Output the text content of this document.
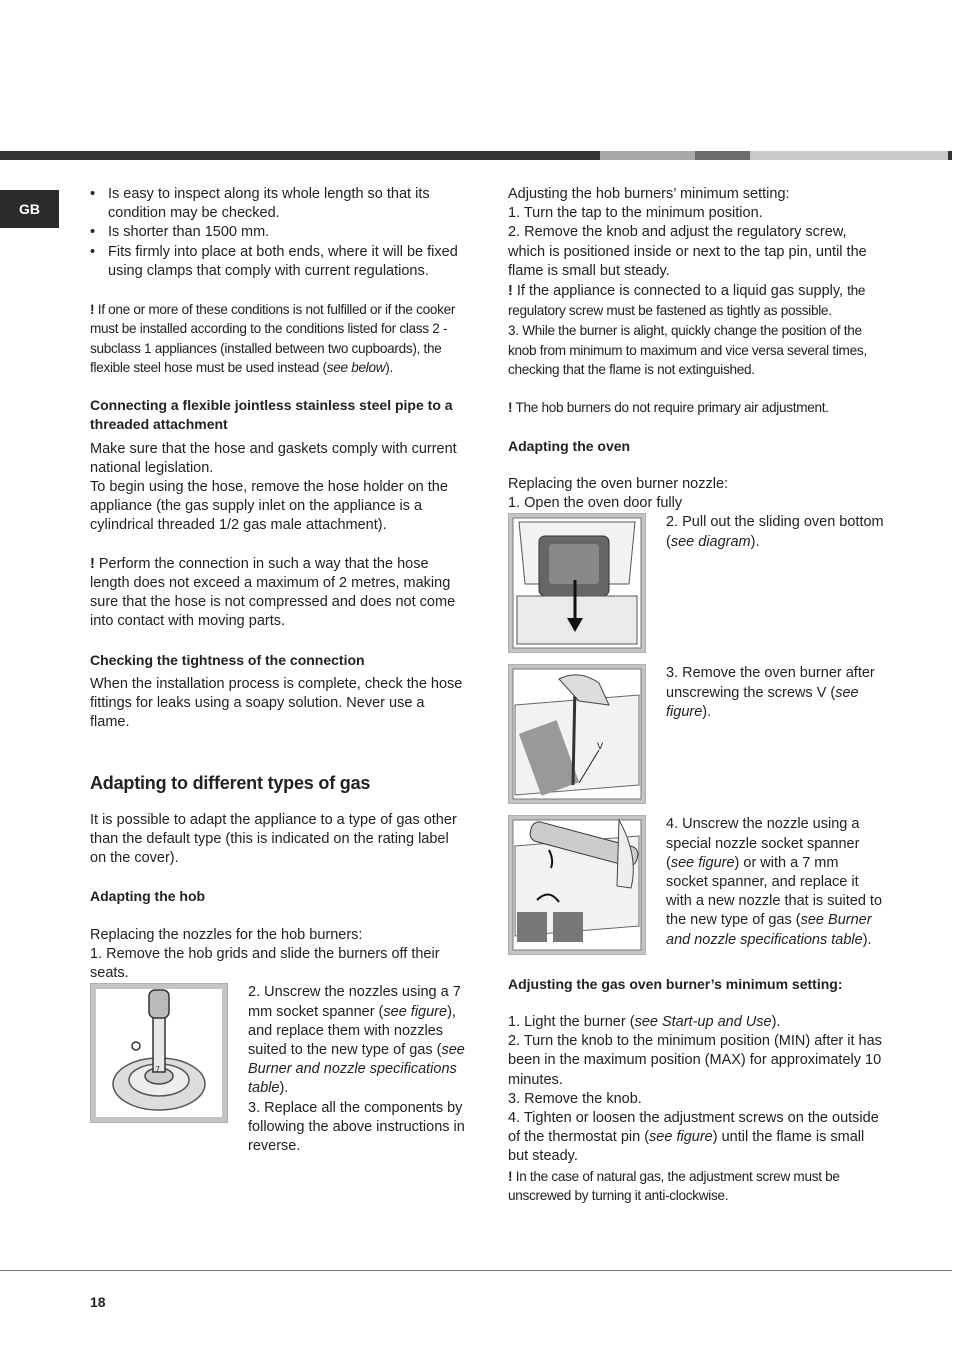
GB
• Is easy to inspect along its whole length so that its condition may be checked.
• Is shorter than 1500 mm.
• Fits firmly into place at both ends, where it will be fixed using clamps that comply with current regulations.

! If one or more of these conditions is not fulfilled or if the cooker must be installed according to the conditions listed for class 2 - subclass 1 appliances (installed between two cupboards), the flexible steel hose must be used instead (see below).

Connecting a flexible jointless stainless steel pipe to a threaded attachment

Make sure that the hose and gaskets comply with current national legislation.

To begin using the hose, remove the hose holder on the appliance (the gas supply inlet on the appliance is a cylindrical threaded 1/2 gas male attachment).

! Perform the connection in such a way that the hose length does not exceed a maximum of 2 metres, making sure that the hose is not compressed and does not come into contact with moving parts.

Checking the tightness of the connection

When the installation process is complete, check the hose fittings for leaks using a soapy solution. Never use a flame.

Adapting to different types of gas

It is possible to adapt the appliance to a type of gas other than the default type (this is indicated on the rating label on the cover).

Adapting the hob

Replacing the nozzles for the hob burners:

1. Remove the hob grids and slide the burners off their seats.

7

2. Unscrew the nozzles using a 7 mm socket spanner (see figure), and replace them with nozzles suited to the new type of gas (see Burner and nozzle specifications table).

3. Replace all the components by following the above instructions in reverse.

Adjusting the hob burners’ minimum setting:

1. Turn the tap to the minimum position.

2. Remove the knob and adjust the regulatory screw, which is positioned inside or next to the tap pin, until the flame is small but steady.

! If the appliance is connected to a liquid gas supply, the regulatory screw must be fastened as tightly as possible.

3. While the burner is alight, quickly change the position of the knob from minimum to maximum and vice versa several times, checking that the flame is not extinguished.

! The hob burners do not require primary air adjustment.

Adapting the oven

Replacing the oven burner nozzle:

1. Open the oven door fully

2. Pull out the sliding oven bottom (see diagram).

V

3. Remove the oven burner after unscrewing the screws V (see figure).

4. Unscrew the nozzle using a special nozzle socket spanner (see figure) or with a 7 mm socket spanner, and replace it with a new nozzle that is suited to the new type of gas (see Burner and nozzle specifications table).

Adjusting the gas oven burner’s minimum setting:

1. Light the burner (see Start-up and Use).

2. Turn the knob to the minimum position (MIN) after it has been in the maximum position (MAX) for approximately 10 minutes.

3. Remove the knob.

4. Tighten or loosen the adjustment screws on the outside of the thermostat pin (see figure) until the flame is small but steady.

! In the case of natural gas, the adjustment screw must be unscrewed by turning it anti-clockwise.

18
